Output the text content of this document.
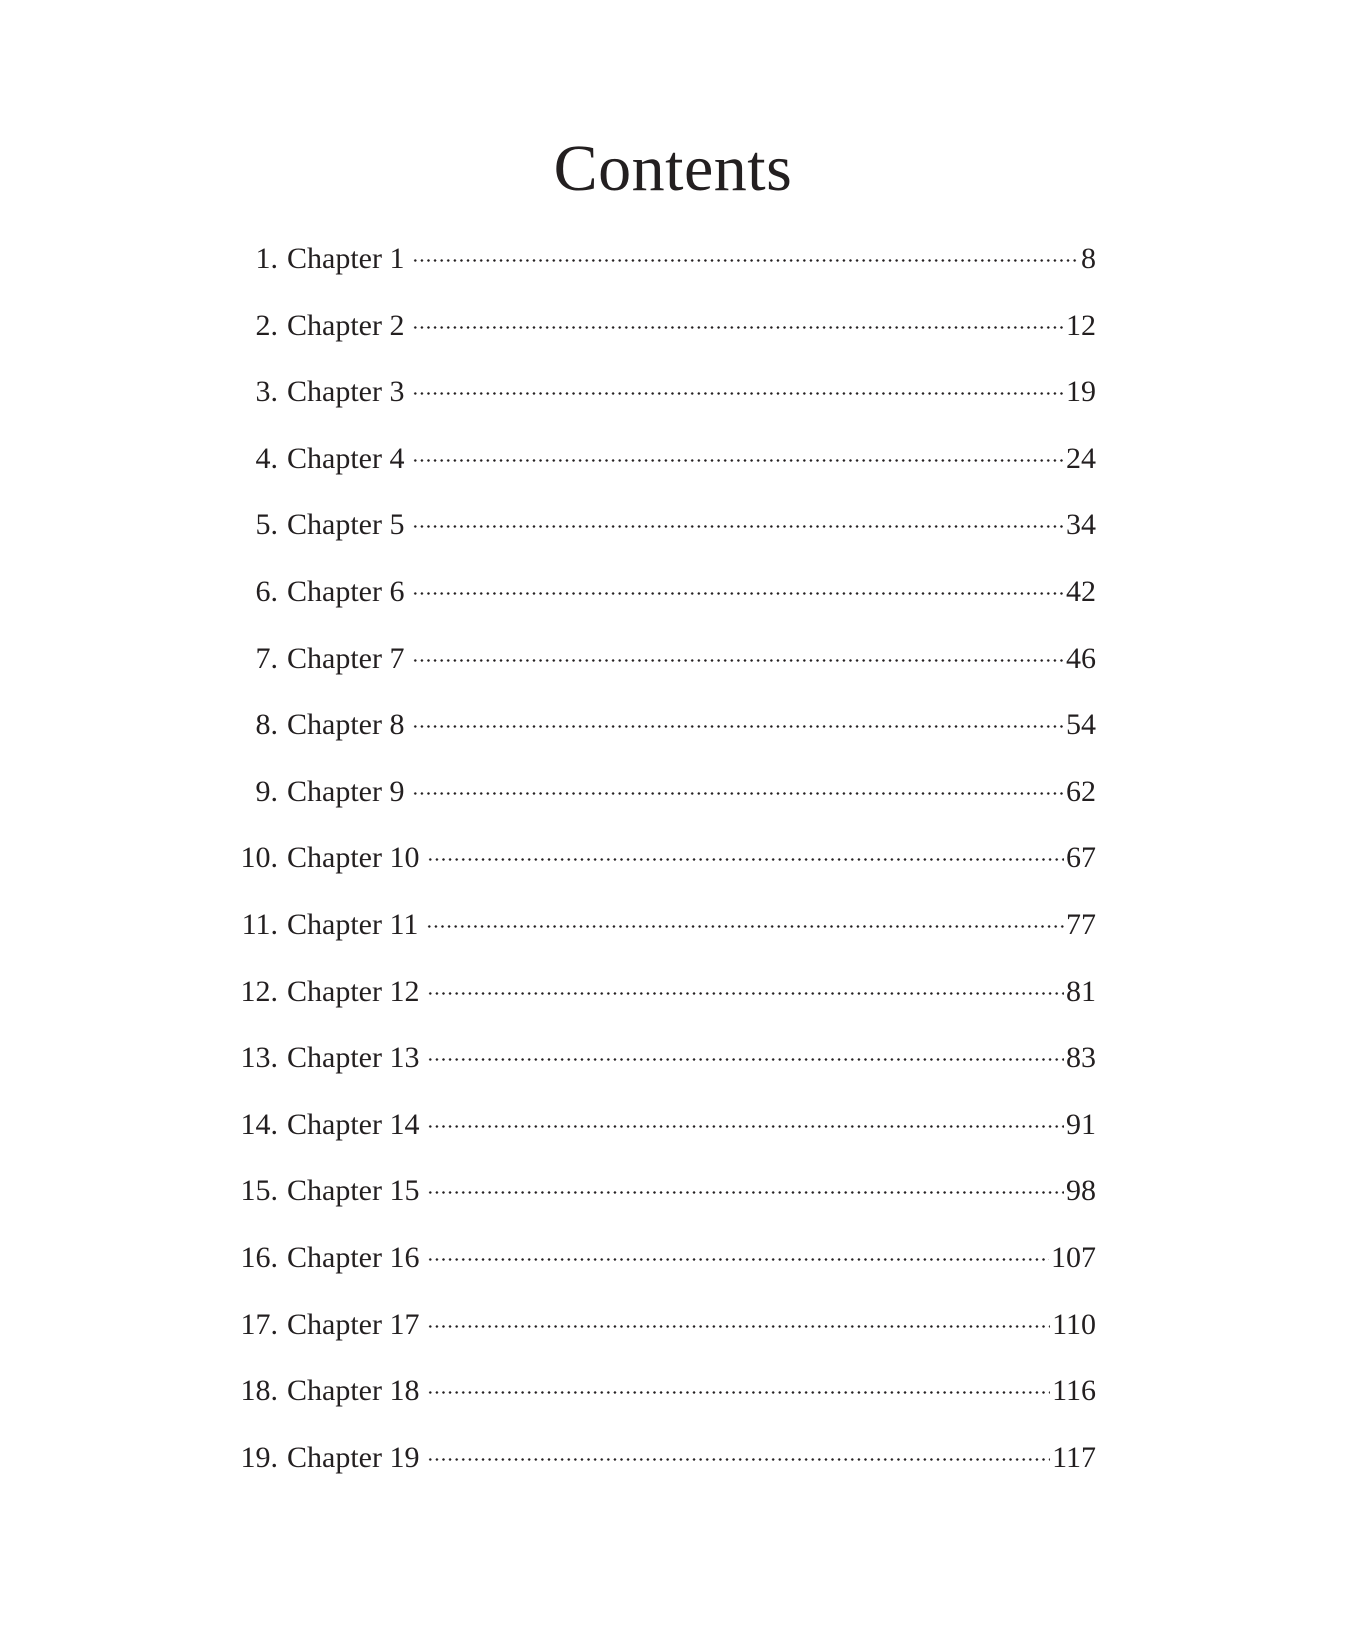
Contents
1. Chapter 1	8
2. Chapter 2	12
3. Chapter 3	19
4. Chapter 4	24
5. Chapter 5	34
6. Chapter 6	42
7. Chapter 7	46
8. Chapter 8	54
9. Chapter 9	62
10. Chapter 10	67
11. Chapter 11	77
12. Chapter 12	81
13. Chapter 13	83
14. Chapter 14	91
15. Chapter 15	98
16. Chapter 16	107
17. Chapter 17	110
18. Chapter 18	116
19. Chapter 19	117
